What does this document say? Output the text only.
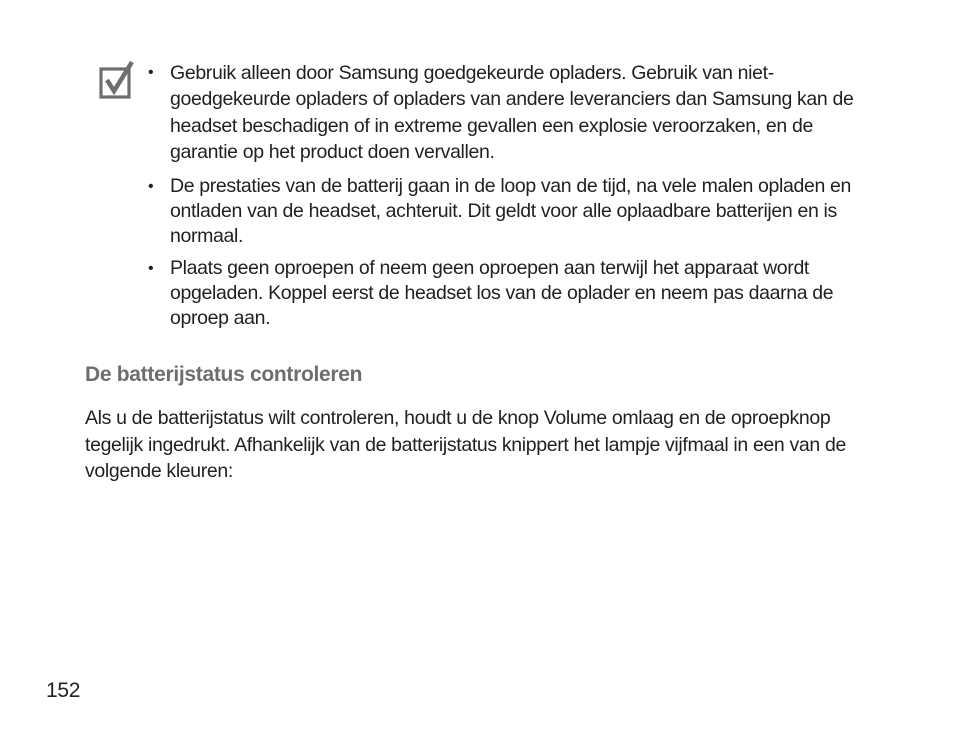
• Gebruik alleen door Samsung goedgekeurde opladers. Gebruik van niet-goedgekeurde opladers of opladers van andere leveranciers dan Samsung kan de headset beschadigen of in extreme gevallen een explosie veroorzaken, en de garantie op het product doen vervallen.
• De prestaties van de batterij gaan in de loop van de tijd, na vele malen opladen en ontladen van de headset, achteruit. Dit geldt voor alle oplaadbare batterijen en is normaal.
• Plaats geen oproepen of neem geen oproepen aan terwijl het apparaat wordt opgeladen. Koppel eerst de headset los van de oplader en neem pas daarna de oproep aan.
De batterijstatus controleren

Als u de batterijstatus wilt controleren, houdt u de knop Volume omlaag en de oproepknop tegelijk ingedrukt. Afhankelijk van de batterijstatus knippert het lampje vijfmaal in een van de volgende kleuren:

152
